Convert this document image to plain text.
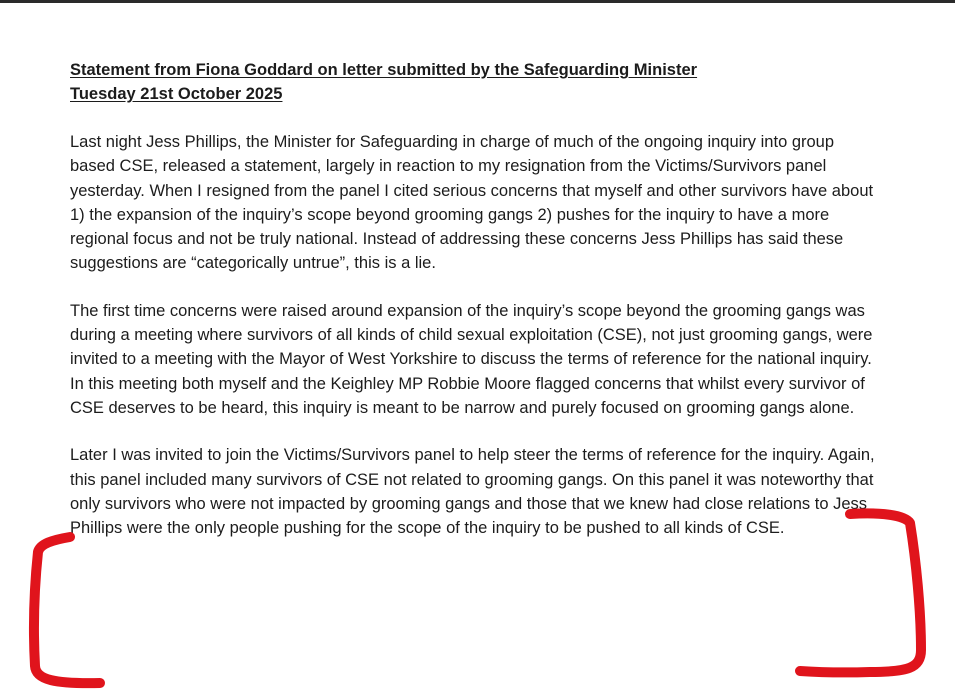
Statement from Fiona Goddard on letter submitted by the Safeguarding Minister

Tuesday 21st October 2025

Last night Jess Phillips, the Minister for Safeguarding in charge of much of the ongoing inquiry into group based CSE, released a statement, largely in reaction to my resignation from the Victims/Survivors panel yesterday. When I resigned from the panel I cited serious concerns that myself and other survivors have about 1) the expansion of the inquiry’s scope beyond grooming gangs 2) pushes for the inquiry to have a more regional focus and not be truly national. Instead of addressing these concerns Jess Phillips has said these suggestions are “categorically untrue”, this is a lie.

The first time concerns were raised around expansion of the inquiry’s scope beyond the grooming gangs was during a meeting where survivors of all kinds of child sexual exploitation (CSE), not just grooming gangs, were invited to a meeting with the Mayor of West Yorkshire to discuss the terms of reference for the national inquiry. In this meeting both myself and the Keighley MP Robbie Moore flagged concerns that whilst every survivor of CSE deserves to be heard, this inquiry is meant to be narrow and purely focused on grooming gangs alone.

Later I was invited to join the Victims/Survivors panel to help steer the terms of reference for the inquiry. Again, this panel included many survivors of CSE not related to grooming gangs. On this panel it was noteworthy that only survivors who were not impacted by grooming gangs and those that we knew had close relations to Jess Phillips were the only people pushing for the scope of the inquiry to be pushed to all kinds of CSE.
